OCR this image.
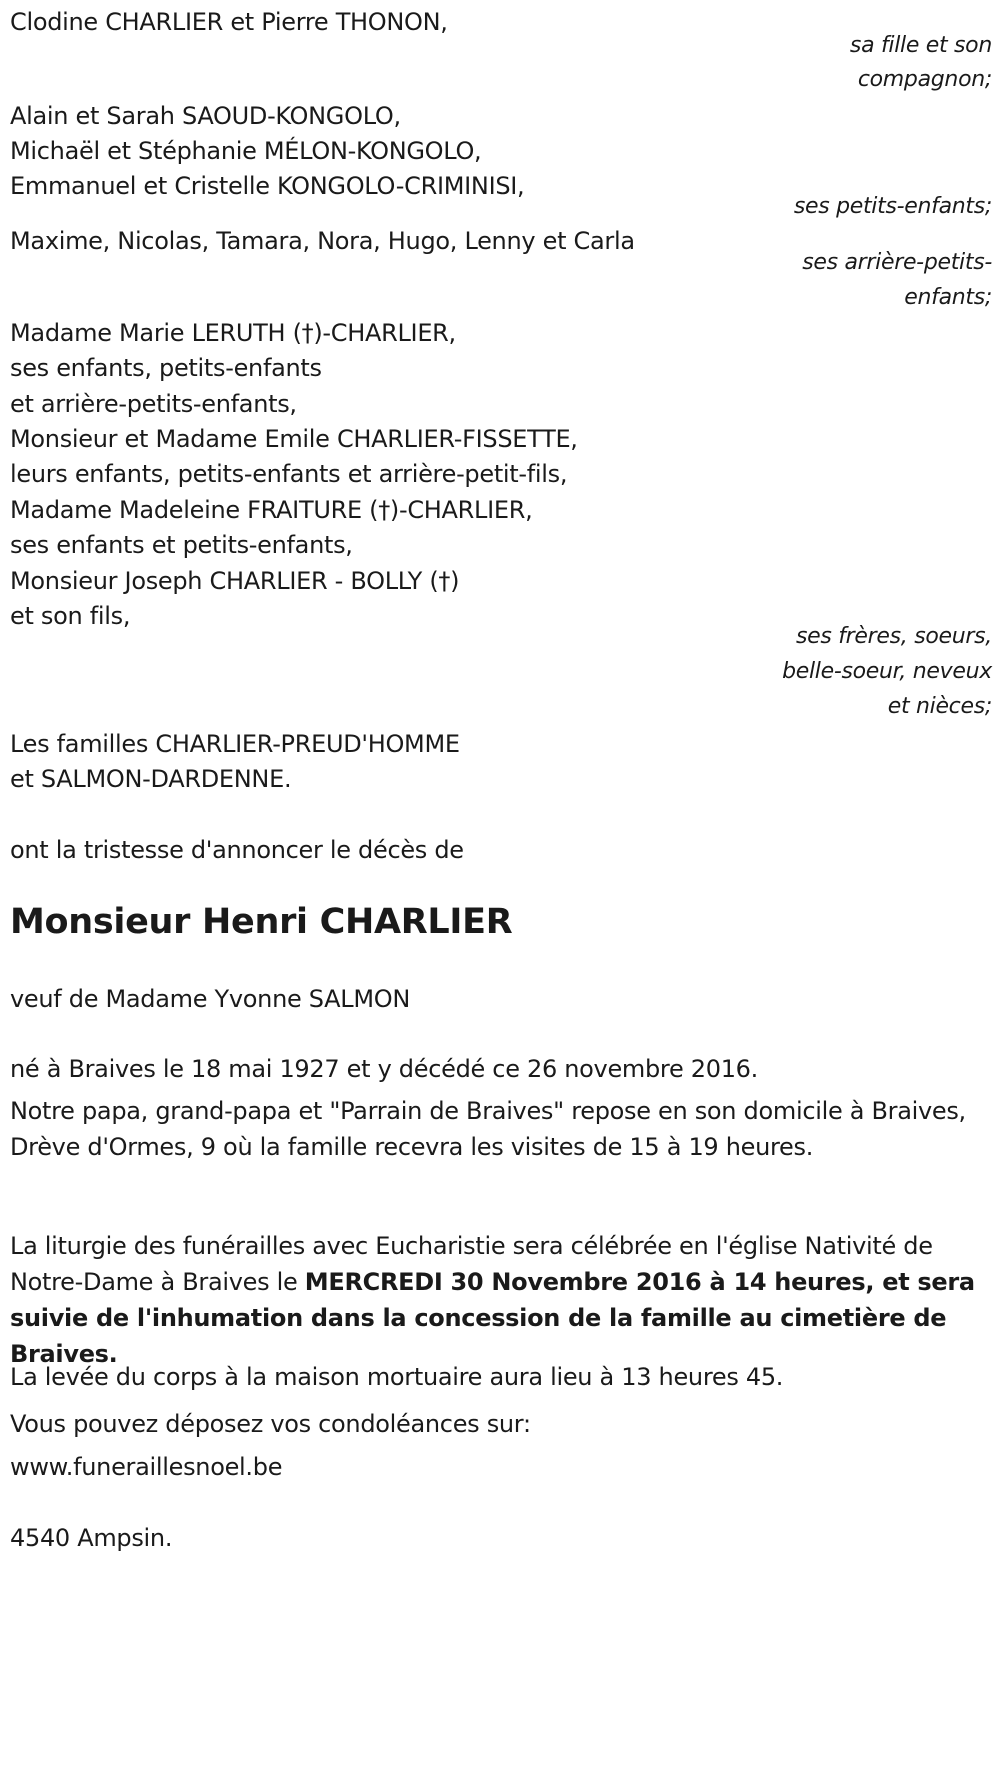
Clodine CHARLIER et Pierre THONON,
sa fille et son
compagnon;
Alain et Sarah SAOUD-KONGOLO,
Michaël et Stéphanie MÉLON-KONGOLO,
Emmanuel et Cristelle KONGOLO-CRIMINISI,
ses petits-enfants;
Maxime, Nicolas, Tamara, Nora, Hugo, Lenny et Carla
ses arrière-petits-
enfants;
Madame Marie LERUTH (†)-CHARLIER,
ses enfants, petits-enfants
et arrière-petits-enfants,
Monsieur et Madame Emile CHARLIER-FISSETTE,
leurs enfants, petits-enfants et arrière-petit-fils,
Madame Madeleine FRAITURE (†)-CHARLIER,
ses enfants et petits-enfants,
Monsieur Joseph CHARLIER - BOLLY (†)
et son fils,
ses frères, soeurs,
belle-soeur, neveux
et nièces;
Les familles CHARLIER-PREUD'HOMME
et SALMON-DARDENNE.
ont la tristesse d'annoncer le décès de
Monsieur Henri CHARLIER
veuf de Madame Yvonne SALMON
né à Braives le 18 mai 1927 et y décédé ce 26 novembre 2016.
Notre papa, grand-papa et "Parrain de Braives" repose en son domicile à Braives, Drève d'Ormes, 9 où la famille recevra les visites de 15 à 19 heures.
La liturgie des funérailles avec Eucharistie sera célébrée en l'église Nativité de Notre-Dame à Braives le MERCREDI 30 Novembre 2016 à 14 heures, et sera suivie de l'inhumation dans la concession de la famille au cimetière de Braives.
La levée du corps à la maison mortuaire aura lieu à 13 heures 45.
Vous pouvez déposez vos condoléances sur:
www.funeraillesnoel.be
4540 Ampsin.
